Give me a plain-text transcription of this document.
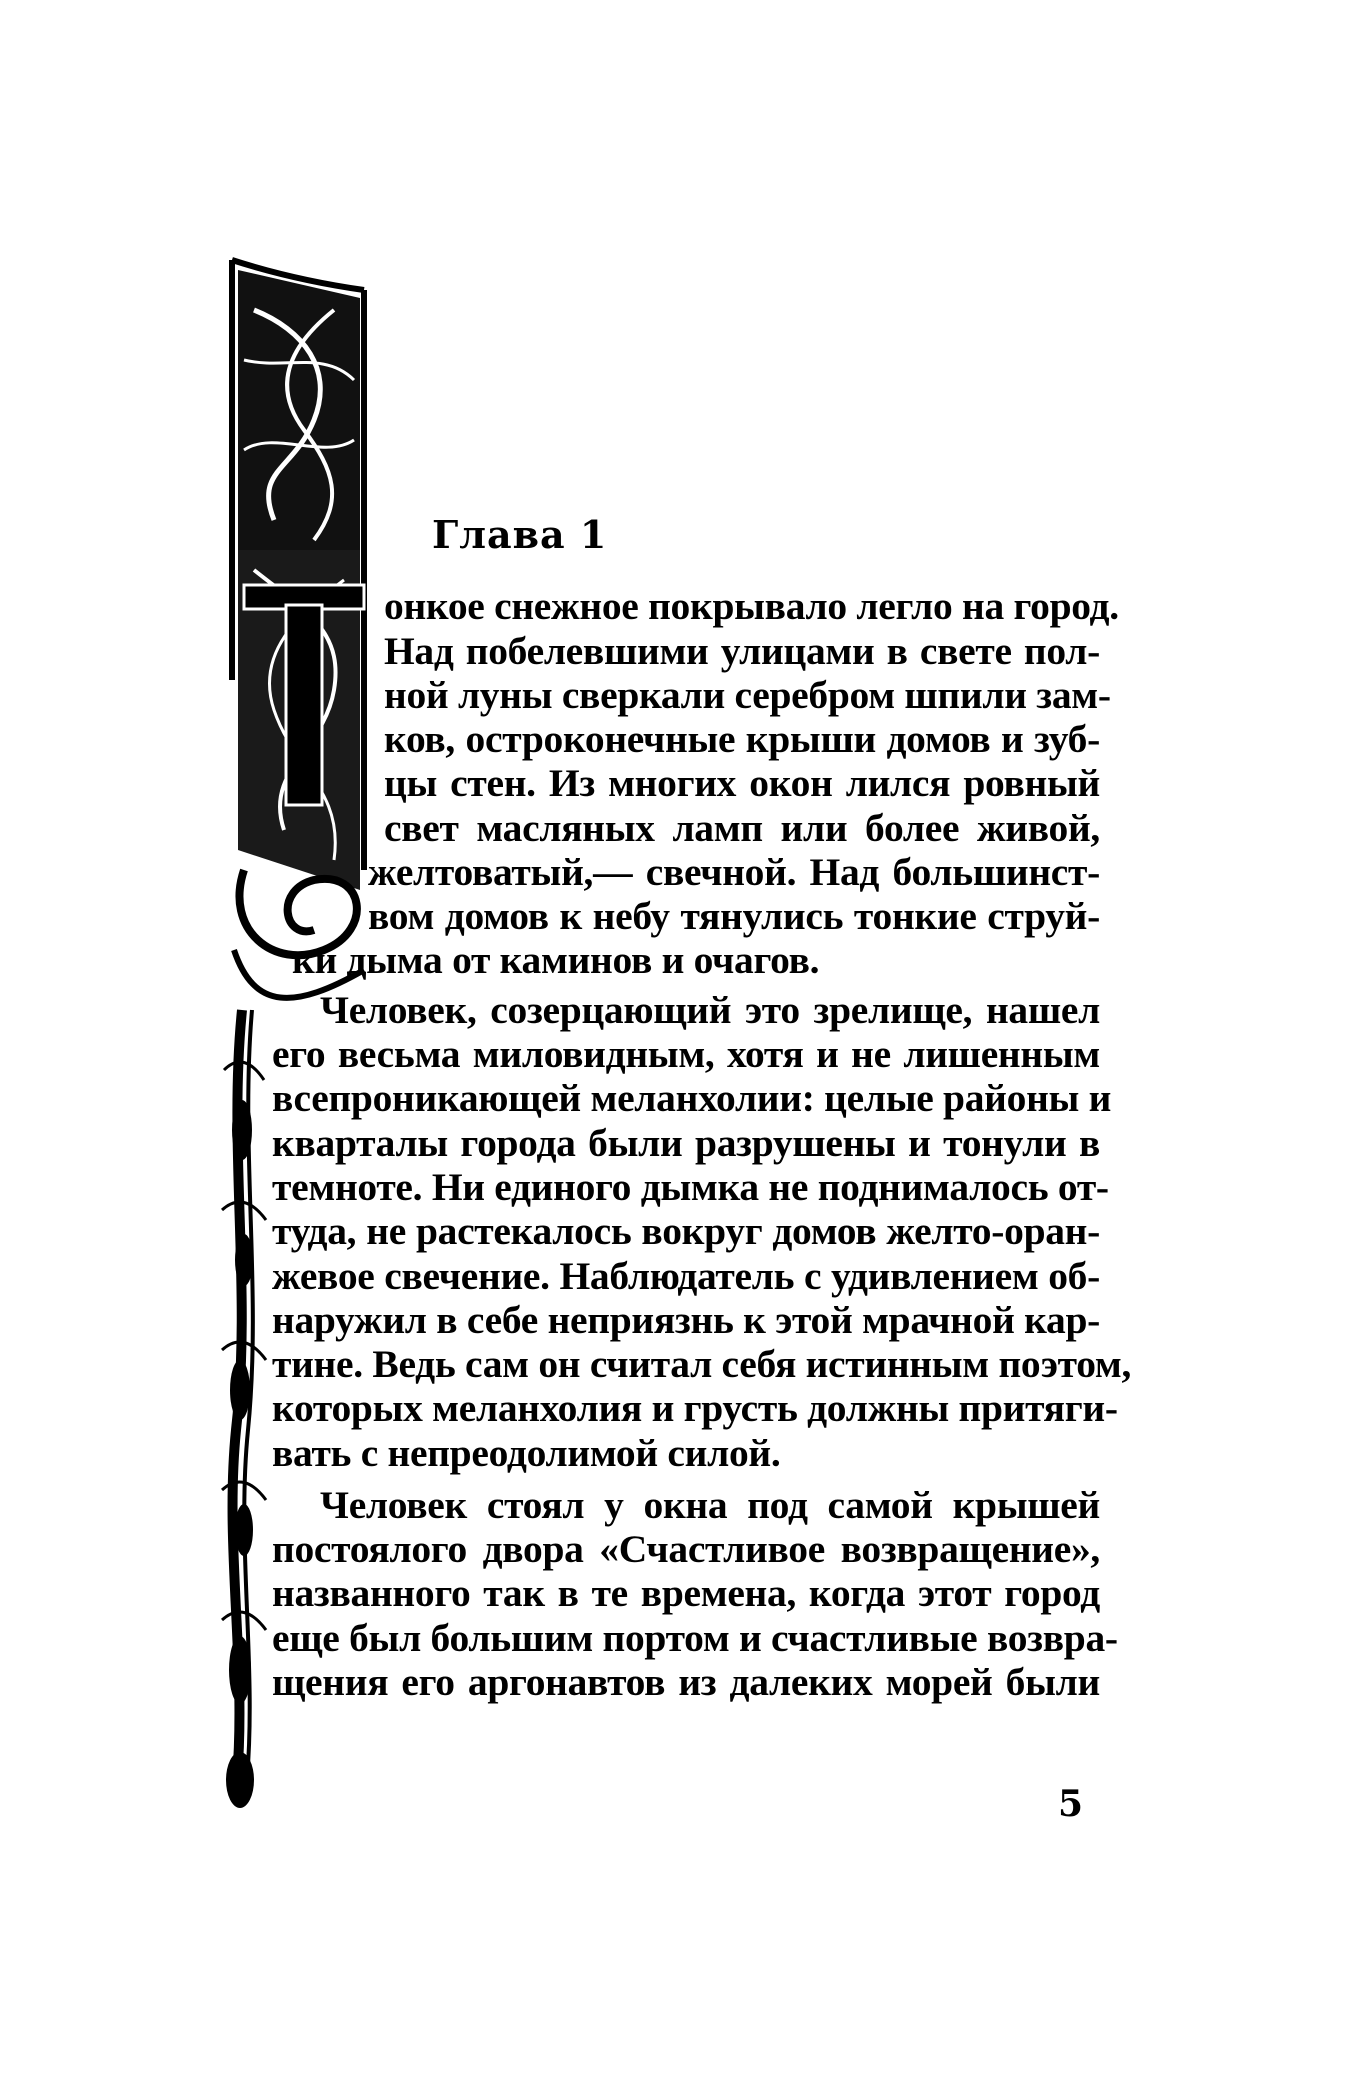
Глава 1
онкое снежное покрывало легло на город.
Над побелевшими улицами в свете пол-
ной луны сверкали серебром шпили зам-
ков, остроконечные крыши домов и зуб-
цы стен. Из многих окон лился ровный
свет масляных ламп или более живой,
желтоватый,— свечной. Над большинст-
вом домов к небу тянулись тонкие струй-
ки дыма от каминов и очагов.
Человек, созерцающий это зрелище, нашел
его весьма миловидным, хотя и не лишенным
всепроникающей меланхолии: целые районы и
кварталы города были разрушены и тонули в
темноте. Ни единого дымка не поднималось от-
туда, не растекалось вокруг домов желто-оран-
жевое свечение. Наблюдатель с удивлением об-
наружил в себе неприязнь к этой мрачной кар-
тине. Ведь сам он считал себя истинным поэтом,
которых меланхолия и грусть должны притяги-
вать с непреодолимой силой.
Человек стоял у окна под самой крышей
постоялого двора «Счастливое возвращение»,
названного так в те времена, когда этот город
еще был большим портом и счастливые возвра-
щения его аргонавтов из далеких морей были
5
